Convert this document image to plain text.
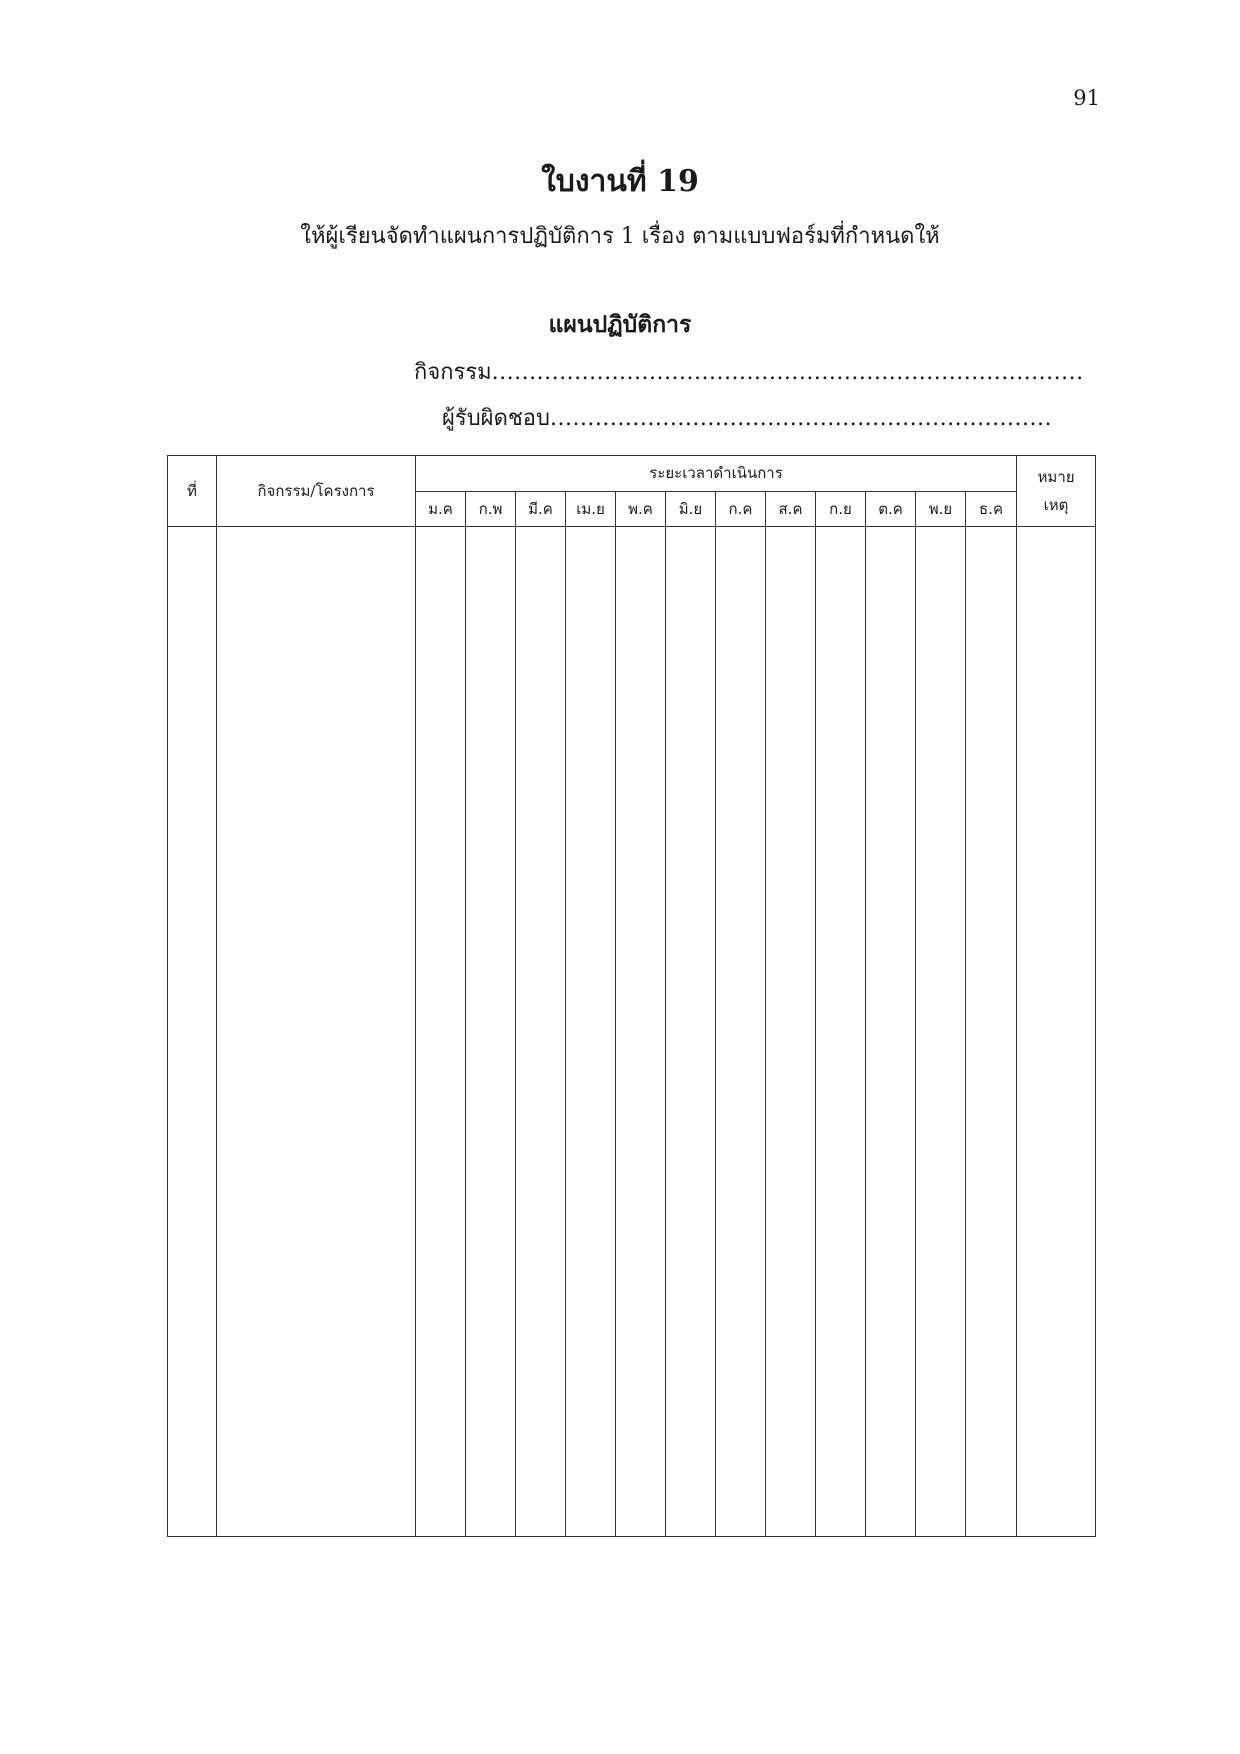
91
ใบงานที่ 19
ให้ผู้เรียนจัดทำแผนการปฏิบัติการ 1 เรื่อง ตามแบบฟอร์มที่กำหนดให้
แผนปฏิบัติการ
กิจกรรม...............................................................................
ผู้รับผิดชอบ...................................................................
ที่	กิจกรรม/โครงการ	ระยะเวลาดำเนินการ												หมาย
		ม.ค	ก.พ	มี.ค	เม.ย	พ.ค	มิ.ย	ก.ค	ส.ค	ก.ย	ต.ค	พ.ย	ธ.ค	เหตุ
